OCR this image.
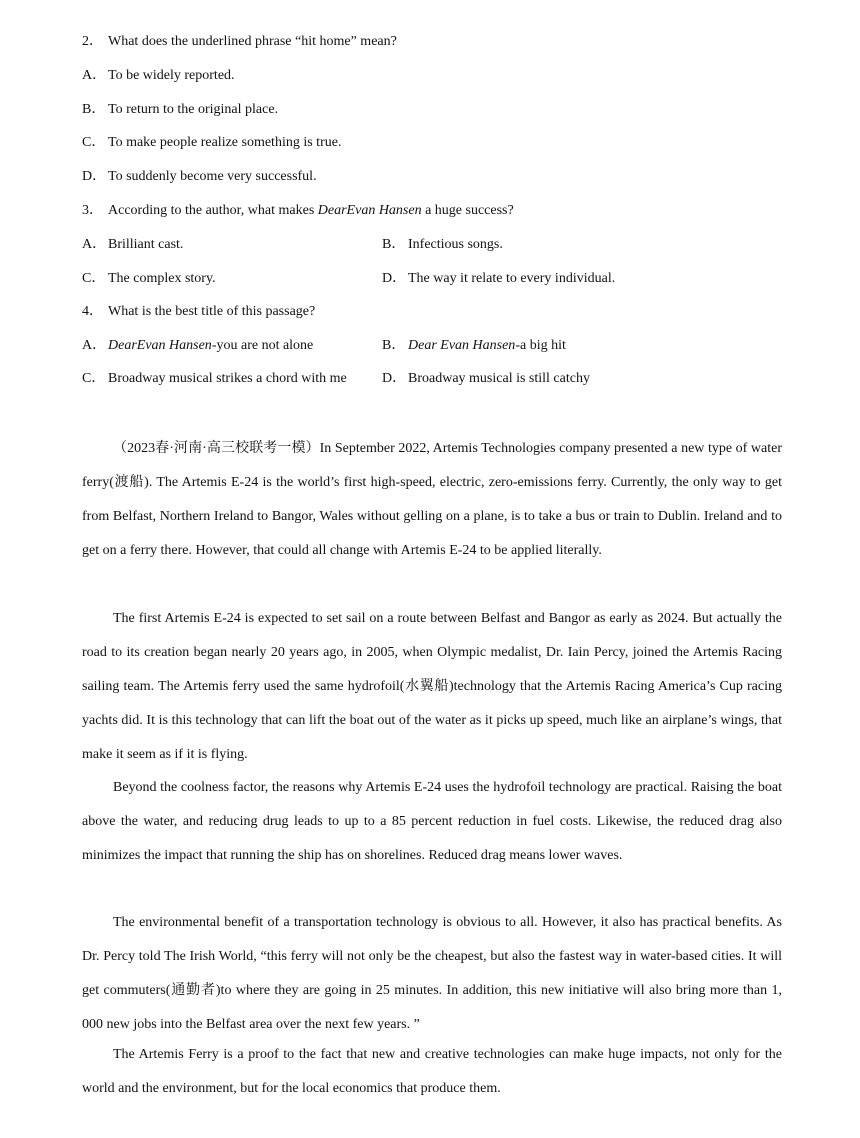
2． What does the underlined phrase “hit home” mean?
A． To be widely reported.
B． To return to the original place.
C． To make people realize something is true.
D． To suddenly become very successful.
3． According to the author, what makes DearEvan Hansen a huge success?
A． Brilliant cast.	B． Infectious songs.
C． The complex story.	D． The way it relate to every individual.
4． What is the best title of this passage?
A． DearEvan Hansen-you are not alone	B． Dear Evan Hansen-a big hit
C． Broadway musical strikes a chord with me	D． Broadway musical is still catchy

（2023春·河南·高三校联考一模）In September 2022, Artemis Technologies company presented a new type of water ferry(渡船). The Artemis E-24 is the world’s first high-speed, electric, zero-emissions ferry. Currently, the only way to get from Belfast, Northern Ireland to Bangor, Wales without gelling on a plane, is to take a bus or train to Dublin. Ireland and to get on a ferry there. However, that could all change with Artemis E-24 to be applied literally.

The first Artemis E-24 is expected to set sail on a route between Belfast and Bangor as early as 2024. But actually the road to its creation began nearly 20 years ago, in 2005, when Olympic medalist, Dr. Iain Percy, joined the Artemis Racing sailing team. The Artemis ferry used the same hydrofoil(水翼船)technology that the Artemis Racing America’s Cup racing yachts did. It is this technology that can lift the boat out of the water as it picks up speed, much like an airplane’s wings, that make it seem as if it is flying.

Beyond the coolness factor, the reasons why Artemis E-24 uses the hydrofoil technology are practical. Raising the boat above the water, and reducing drug leads to up to a 85 percent reduction in fuel costs. Likewise, the reduced drag also minimizes the impact that running the ship has on shorelines. Reduced drag means lower waves.

The environmental benefit of a transportation technology is obvious to all. However, it also has practical benefits. As Dr. Percy told The Irish World, “this ferry will not only be the cheapest, but also the fastest way in water-based cities. It will get commuters(通勤者)to where they are going in 25 minutes. In addition, this new initiative will also bring more than 1, 000 new jobs into the Belfast area over the next few years. ”

The Artemis Ferry is a proof to the fact that new and creative technologies can make huge impacts, not only for the world and the environment, but for the local economics that produce them.
